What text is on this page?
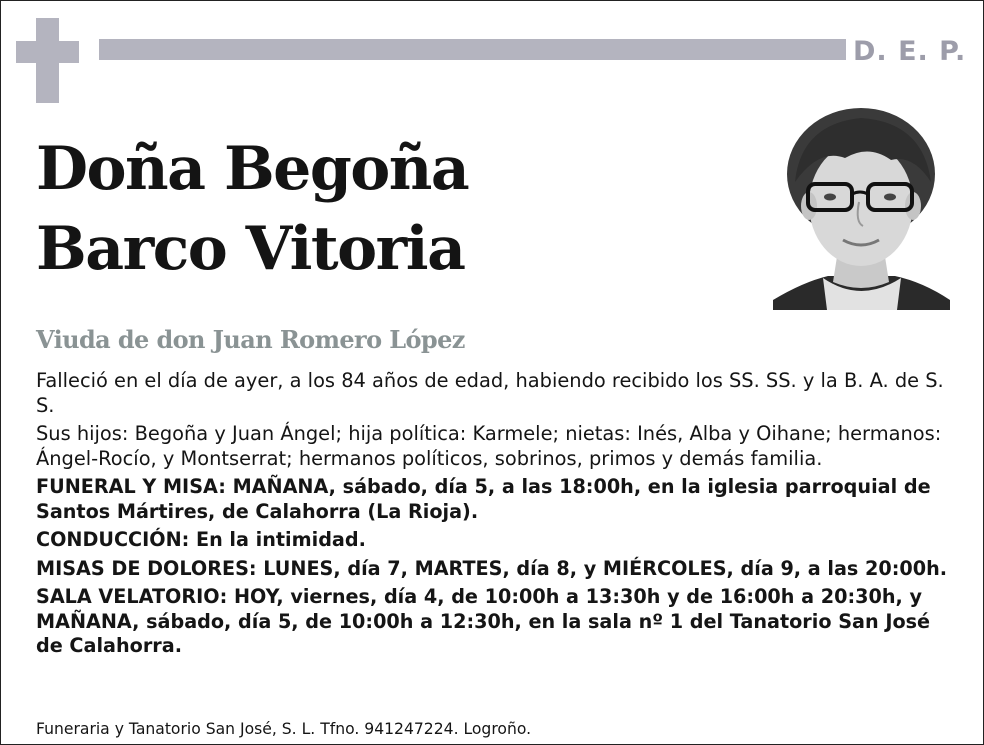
D. E. P.
Doña Begoña
Barco Vitoria
Viuda de don Juan Romero López

Falleció en el día de ayer, a los 84 años de edad, habiendo recibido los SS. SS. y la B. A. de S. S.

Sus hijos: Begoña y Juan Ángel; hija política: Karmele; nietas: Inés, Alba y Oihane; hermanos: Ángel-Rocío, y Montserrat; hermanos políticos, sobrinos, primos y demás familia.

FUNERAL Y MISA: MAÑANA, sábado, día 5, a las 18:00h, en la iglesia parroquial de Santos Mártires, de Calahorra (La Rioja).

CONDUCCIÓN: En la intimidad.

MISAS DE DOLORES: LUNES, día 7, MARTES, día 8, y MIÉRCOLES, día 9, a las 20:00h.

SALA VELATORIO: HOY, viernes, día 4, de 10:00h a 13:30h y de 16:00h a 20:30h, y MAÑANA, sábado, día 5, de 10:00h a 12:30h, en la sala nº 1 del Tanatorio San José de Calahorra.

Funeraria y Tanatorio San José, S. L. Tfno. 941247224. Logroño.
